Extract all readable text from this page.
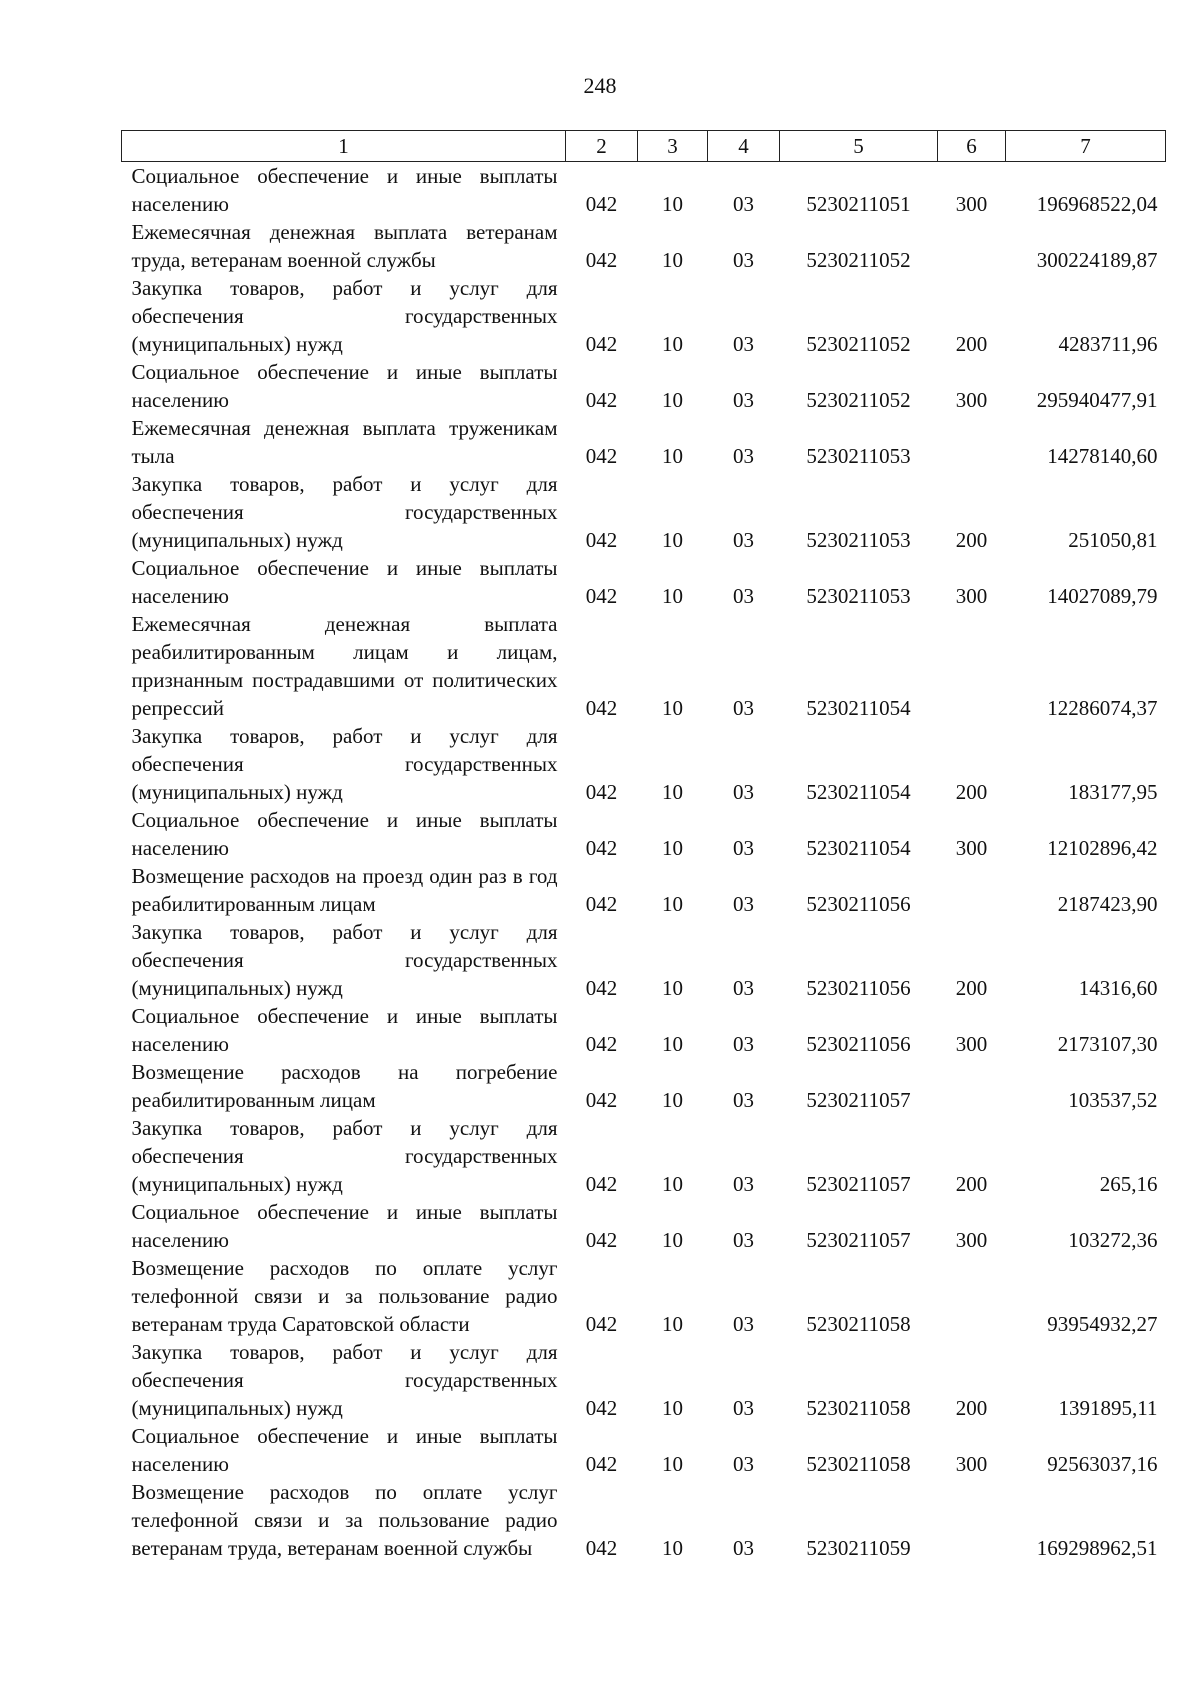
248
1	2	3	4	5	6	7
Социальное обеспечение и иные выплаты населению	042	10	03	5230211051	300	196968522,04
Ежемесячная денежная выплата ветеранам труда, ветеранам военной службы	042	10	03	5230211052		300224189,87
Закупка товаров, работ и услуг для обеспечения государственных (муниципальных) нужд	042	10	03	5230211052	200	4283711,96
Социальное обеспечение и иные выплаты населению	042	10	03	5230211052	300	295940477,91
Ежемесячная денежная выплата труженикам тыла	042	10	03	5230211053		14278140,60
Закупка товаров, работ и услуг для обеспечения государственных (муниципальных) нужд	042	10	03	5230211053	200	251050,81
Социальное обеспечение и иные выплаты населению	042	10	03	5230211053	300	14027089,79
Ежемесячная денежная выплата реабилитированным лицам и лицам, признанным пострадавшими от политических репрессий	042	10	03	5230211054		12286074,37
Закупка товаров, работ и услуг для обеспечения государственных (муниципальных) нужд	042	10	03	5230211054	200	183177,95
Социальное обеспечение и иные выплаты населению	042	10	03	5230211054	300	12102896,42
Возмещение расходов на проезд один раз в год реабилитированным лицам	042	10	03	5230211056		2187423,90
Закупка товаров, работ и услуг для обеспечения государственных (муниципальных) нужд	042	10	03	5230211056	200	14316,60
Социальное обеспечение и иные выплаты населению	042	10	03	5230211056	300	2173107,30
Возмещение расходов на погребение реабилитированным лицам	042	10	03	5230211057		103537,52
Закупка товаров, работ и услуг для обеспечения государственных (муниципальных) нужд	042	10	03	5230211057	200	265,16
Социальное обеспечение и иные выплаты населению	042	10	03	5230211057	300	103272,36
Возмещение расходов по оплате услуг телефонной связи и за пользование радио ветеранам труда Саратовской области	042	10	03	5230211058		93954932,27
Закупка товаров, работ и услуг для обеспечения государственных (муниципальных) нужд	042	10	03	5230211058	200	1391895,11
Социальное обеспечение и иные выплаты населению	042	10	03	5230211058	300	92563037,16
Возмещение расходов по оплате услуг телефонной связи и за пользование радио ветеранам труда, ветеранам военной службы	042	10	03	5230211059		169298962,51
